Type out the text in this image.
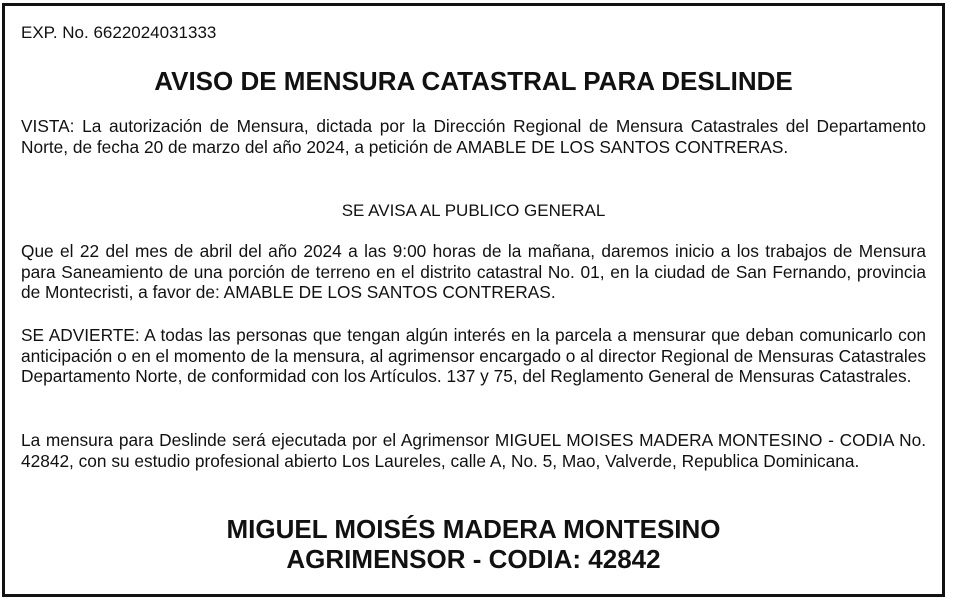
EXP. No. 6622024031333
AVISO DE MENSURA CATASTRAL PARA DESLINDE
VISTA: La autorización de Mensura, dictada por la Dirección Regional de Mensura Catastrales del Departamento Norte, de fecha 20 de marzo del año 2024, a petición de AMABLE DE LOS SANTOS CONTRERAS.
SE AVISA AL PUBLICO GENERAL
Que el 22 del mes de abril del año 2024 a las 9:00 horas de la mañana, daremos inicio a los trabajos de Mensura para Saneamiento de una porción de terreno en el distrito catastral No. 01, en la ciudad de San Fernando, provincia de Montecristi, a favor de: AMABLE DE LOS SANTOS CONTRERAS.
SE ADVIERTE: A todas las personas que tengan algún interés en la parcela a mensurar que deban comunicarlo con anticipación o en el momento de la mensura, al agrimensor encargado o al director Regional de Mensuras Catastrales Departamento Norte, de conformidad con los Artículos. 137 y 75, del Reglamento General de Mensuras Catastrales.
La mensura para Deslinde será ejecutada por el Agrimensor MIGUEL MOISES MADERA MONTESINO - CODIA No. 42842, con su estudio profesional abierto Los Laureles, calle A, No. 5, Mao, Valverde, Republica Dominicana.
MIGUEL MOISÉS MADERA MONTESINO
AGRIMENSOR - CODIA: 42842
